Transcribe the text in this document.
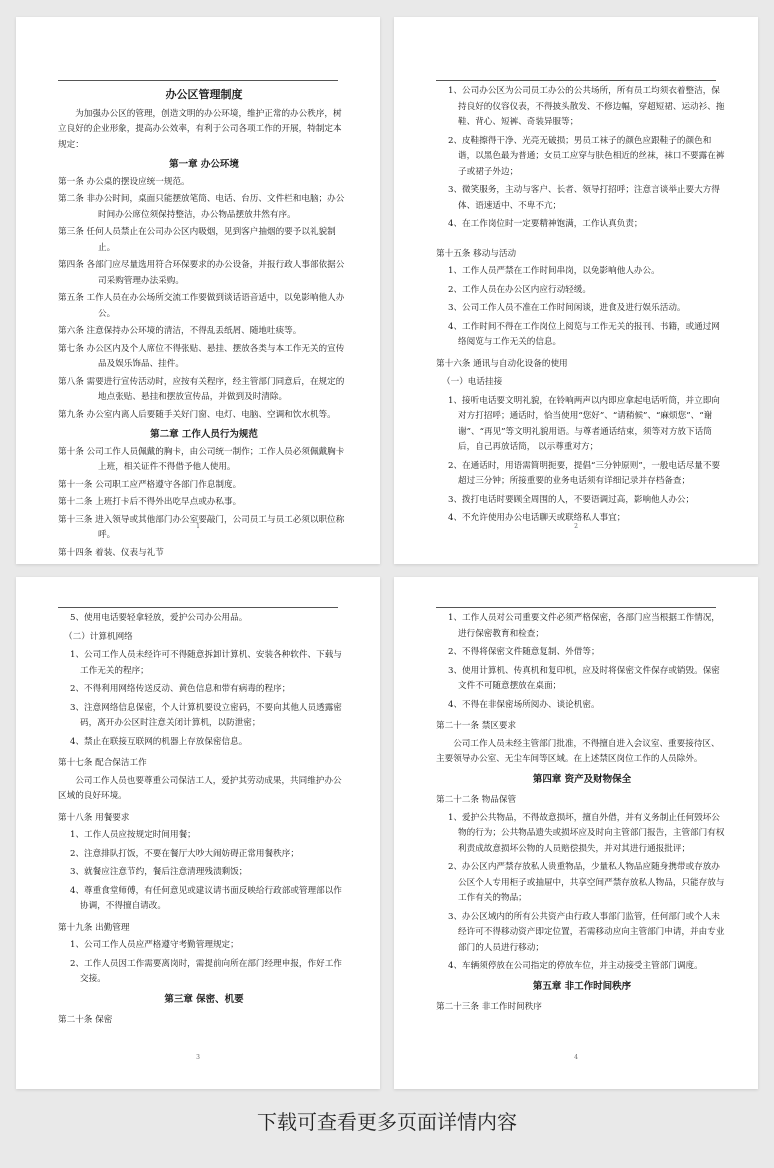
办公区管理制度
为加强办公区的管理，创造文明的办公环境，维护正常的办公秩序，树立良好的企业形象，提高办公效率，有利于公司各项工作的开展，特制定本规定：
第一章 办公环境
第一条 办公桌的摆设应统一规范。
第二条 非办公时间，桌面只能摆放笔筒、电话、台历、文件栏和电脑；办公时间办公席位须保持整洁，办公物品摆放井然有序。
第三条 任何人员禁止在公司办公区内吸烟，见到客户抽烟的要予以礼貌制止。
第四条 各部门应尽量选用符合环保要求的办公设备，并报行政人事部依据公司采购管理办法采购。
第五条 工作人员在办公场所交流工作要做到谈话语音适中，以免影响他人办公。
第六条 注意保持办公环境的清洁，不得乱丢纸屑、随地吐痰等。
第七条 办公区内及个人席位不得张贴、悬挂、摆放各类与本工作无关的宣传品及娱乐饰品、挂件。
第八条 需要进行宣传活动时，应按有关程序，经主管部门同意后，在规定的地点张贴、悬挂和摆放宣传品，并做到及时清除。
第九条 办公室内离人后要随手关好门窗、电灯、电脑、空调和饮水机等。
第二章 工作人员行为规范
第十条 公司工作人员佩戴的胸卡，由公司统一制作；工作人员必须佩戴胸卡上班，相关证件不得借予他人使用。
第十一条 公司职工应严格遵守各部门作息制度。
第十二条 上班打卡后不得外出吃早点或办私事。
第十三条 进入领导或其他部门办公室要敲门，公司员工与员工必须以职位称呼。
第十四条 着装、仪表与礼节
1
1、公司办公区为公司员工办公的公共场所，所有员工均须衣着整洁，保持良好的仪容仪表，不得披头散发、不修边幅，穿超短裙、运动衫、拖鞋、背心、短裤、奇装异服等；
2、皮鞋擦得干净、光亮无破损；男员工袜子的颜色应跟鞋子的颜色和谐，以黑色最为普通；女员工应穿与肤色相近的丝袜，袜口不要露在裤子或裙子外边；
3、微笑服务，主动与客户、长者、领导打招呼；注意言谈举止要大方得体、语速适中、不卑不亢；
4、在工作岗位时一定要精神饱满，工作认真负责；
第十五条 移动与活动
1、工作人员严禁在工作时间串岗，以免影响他人办公。
2、工作人员在办公区内应行动轻缓。
3、公司工作人员不准在工作时间闲谈，进食及进行娱乐活动。
4、工作时间不得在工作岗位上阅览与工作无关的报刊、书籍，或通过网络阅览与工作无关的信息。
第十六条 通讯与自动化设备的使用
（一）电话挂接
1、接听电话要文明礼貌，在铃响两声以内即应拿起电话听筒，并立即向对方打招呼；通话时，恰当使用“您好”、“请稍候”、“麻烦您”、“谢谢”、“再见”等文明礼貌用语。与尊者通话结束，须等对方放下话筒后，自己再放话筒， 以示尊重对方；
2、在通话时，用语需简明扼要，提倡“三分钟原则”，一般电话尽量不要超过三分钟；所接重要的业务电话须有详细记录并存档备查；
3、拨打电话时要顾全周围的人，不要语调过高，影响他人办公；
4、不允许使用办公电话聊天或联络私人事宜；
2
5、使用电话要轻拿轻放，爱护公司办公用品。
（二）计算机网络
1、公司工作人员未经许可不得随意拆卸计算机、安装各种软件、下载与工作无关的程序；
2、不得利用网络传送反动、黄色信息和带有病毒的程序；
3、注意网络信息保密，个人计算机要设立密码，不要向其他人员透露密码，离开办公区时注意关闭计算机，以防泄密；
4、禁止在联接互联网的机器上存放保密信息。
第十七条 配合保洁工作
公司工作人员也要尊重公司保洁工人，爱护其劳动成果，共同维护办公区域的良好环境。
第十八条 用餐要求
1、工作人员应按规定时间用餐；
2、注意排队打饭，不要在餐厅大吵大闹妨碍正常用餐秩序；
3、就餐应注意节约，餐后注意清理残渍剩饭；
4、尊重食堂师傅，有任何意见或建议请书面反映给行政部或管理部以作协调，不得擅自请改。
第十九条 出勤管理
1、公司工作人员应严格遵守考勤管理规定；
2、工作人员因工作需要离岗时，需提前向所在部门经理申报，作好工作交接。
第三章 保密、机要
第二十条 保密
3
1、工作人员对公司重要文件必须严格保密，各部门应当根据工作情况，进行保密教育和检查；
2、不得将保密文件随意复制、外借等；
3、使用计算机、传真机和复印机，应及时将保密文件保存或销毁。保密文件不可随意摆放在桌面；
4、不得在非保密场所阅办、谈论机密。
第二十一条 禁区要求
公司工作人员未经主管部门批准，不得擅自进入会议室、重要接待区、主要领导办公室、无尘车间等区域。在上述禁区岗位工作的人员除外。
第四章 资产及财物保全
第二十二条 物品保管
1、爱护公共物品，不得故意损坏，擅自外借，并有义务制止任何毁坏公物的行为；公共物品遗失或损坏应及时向主管部门报告，主管部门有权利责成故意损坏公物的人员赔偿损失，并对其进行通报批评；
2、办公区内严禁存放私人贵重物品，少量私人物品应随身携带或存放办公区个人专用柜子或抽屉中，共享空间严禁存放私人物品，只能存放与工作有关的物品；
3、办公区域内的所有公共资产由行政人事部门监管，任何部门或个人未经许可不得移动资产即定位置，若需移动应向主管部门申请，并由专业部门的人员进行移动；
4、车辆须停放在公司指定的停放车位，并主动接受主管部门调度。
第五章 非工作时间秩序
第二十三条 非工作时间秩序
4
下载可查看更多页面详情内容
